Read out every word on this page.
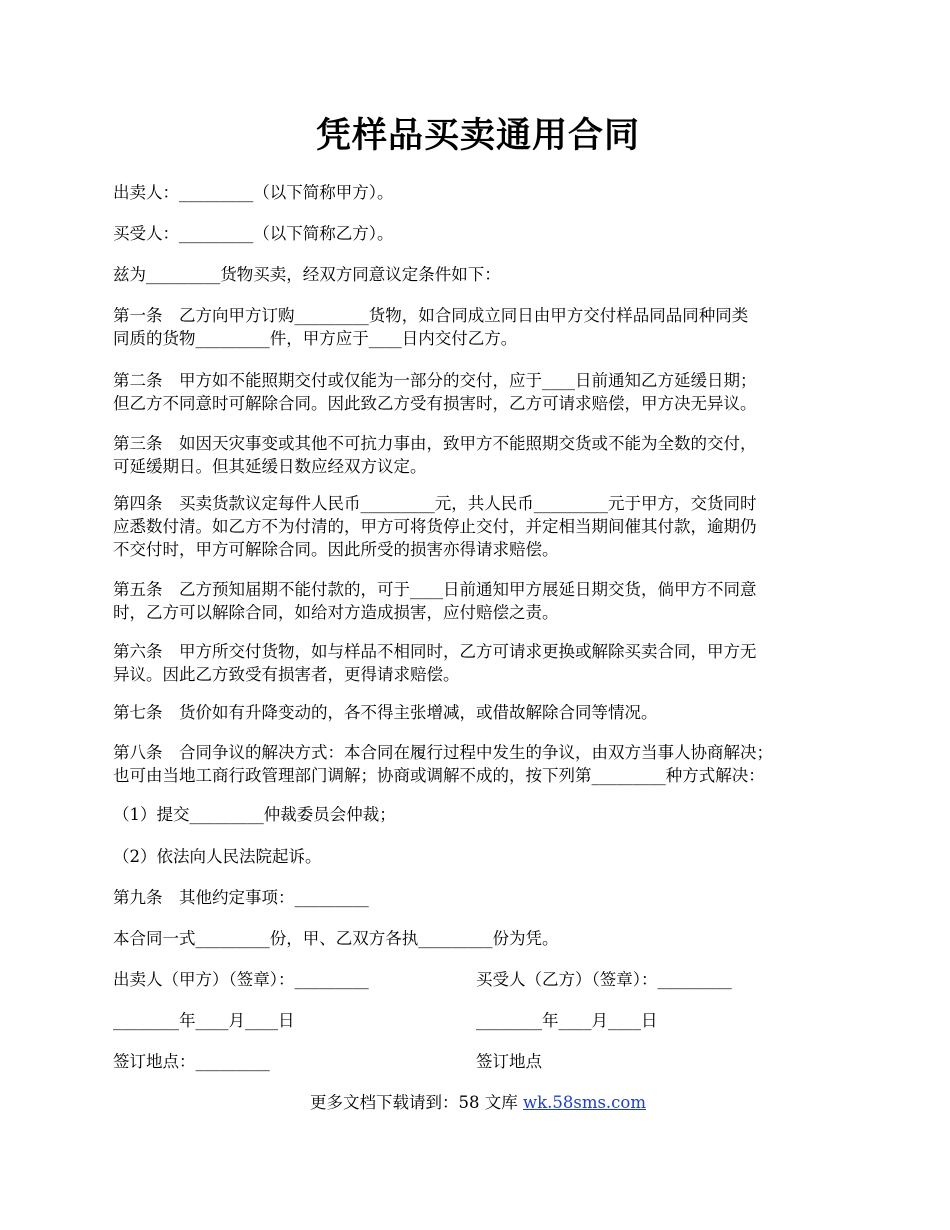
凭样品买卖通用合同
出卖人：_________（以下简称甲方）。
买受人：_________（以下简称乙方）。
兹为_________货物买卖，经双方同意议定条件如下：
第一条　乙方向甲方订购_________货物，如合同成立同日由甲方交付样品同品同种同类
同质的货物_________件，甲方应于____日内交付乙方。
第二条　甲方如不能照期交付或仅能为一部分的交付，应于____日前通知乙方延缓日期；
但乙方不同意时可解除合同。因此致乙方受有损害时，乙方可请求赔偿，甲方决无异议。
第三条　如因天灾事变或其他不可抗力事由，致甲方不能照期交货或不能为全数的交付，
可延缓期日。但其延缓日数应经双方议定。
第四条　买卖货款议定每件人民币_________元，共人民币_________元于甲方，交货同时
应悉数付清。如乙方不为付清的，甲方可将货停止交付，并定相当期间催其付款，逾期仍
不交付时，甲方可解除合同。因此所受的损害亦得请求赔偿。
第五条　乙方预知届期不能付款的，可于____日前通知甲方展延日期交货，倘甲方不同意
时，乙方可以解除合同，如给对方造成损害，应付赔偿之责。
第六条　甲方所交付货物，如与样品不相同时，乙方可请求更换或解除买卖合同，甲方无
异议。因此乙方致受有损害者，更得请求赔偿。
第七条　货价如有升降变动的，各不得主张增减，或借故解除合同等情况。
第八条　合同争议的解决方式：本合同在履行过程中发生的争议，由双方当事人协商解决；
也可由当地工商行政管理部门调解；协商或调解不成的，按下列第_________种方式解决：
（1）提交_________仲裁委员会仲裁；
（2）依法向人民法院起诉。
第九条　其他约定事项：_________
本合同一式_________份，甲、乙双方各执_________份为凭。
出卖人（甲方）（签章）：_________	买受人（乙方）（签章）：_________
________年____月____日	________年____月____日
签订地点：_________	签订地点
更多文档下载请到：58 文库 wk.58sms.com
